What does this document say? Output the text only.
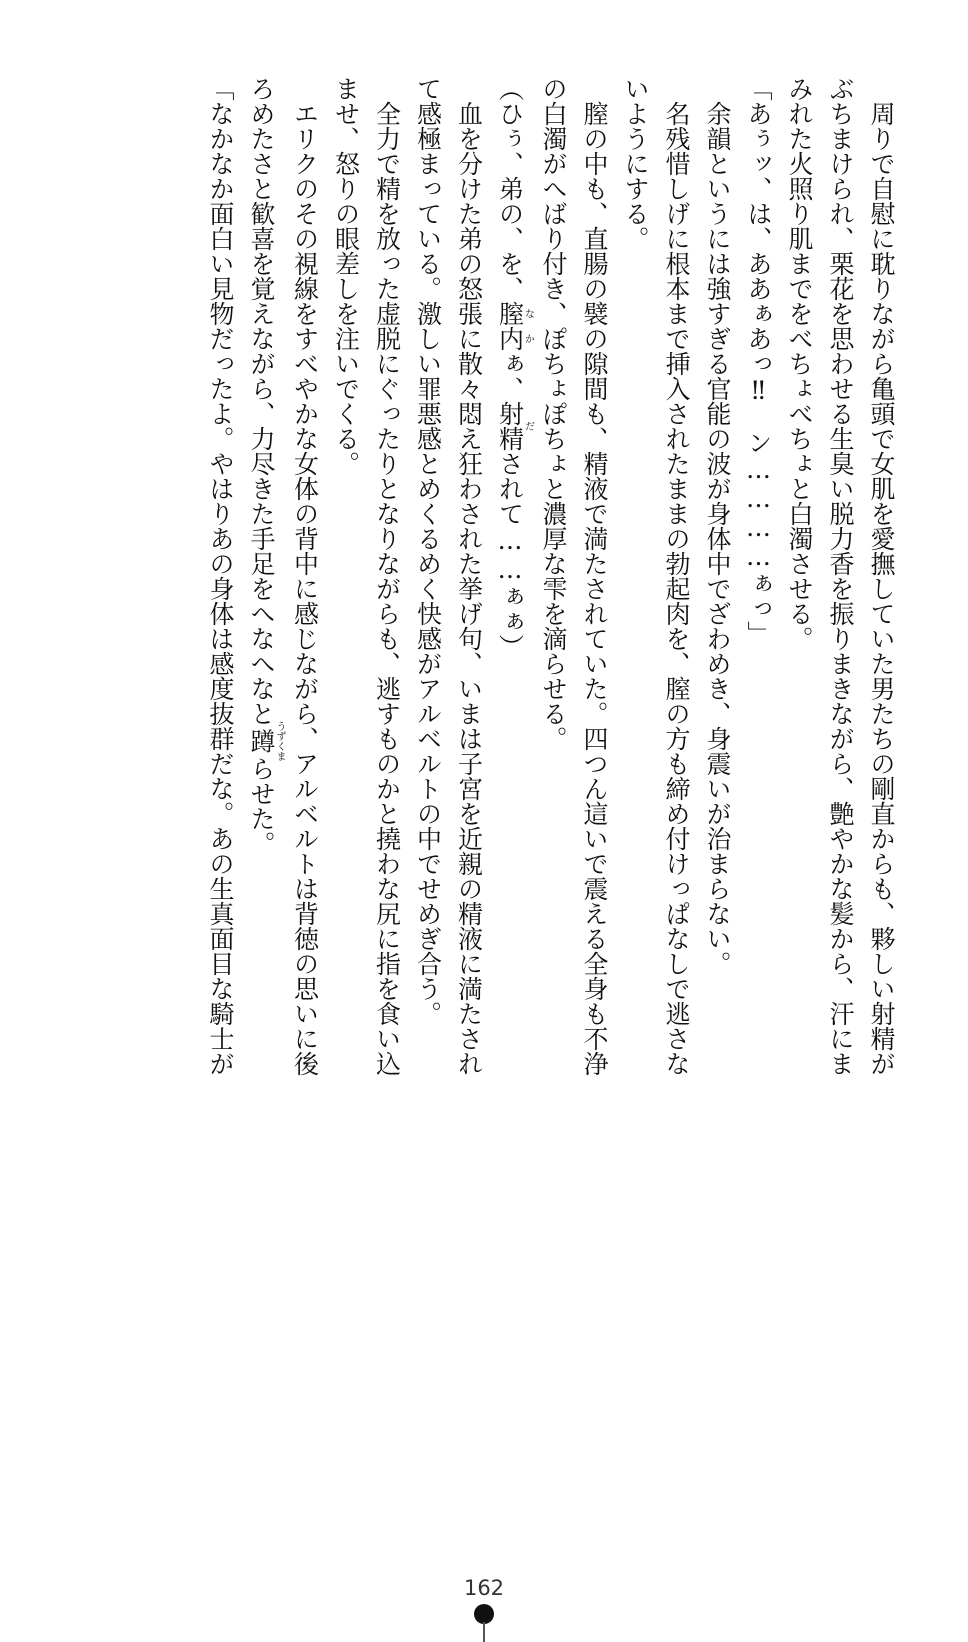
　周りで自慰に耽りながら亀頭で女肌を愛撫していた男たちの剛直からも、夥しい射精が
ぶちまけられ、栗花を思わせる生臭い脱力香を振りまきながら、艶やかな髪から、汗にま
みれた火照り肌までをべちょべちょと白濁させる。
「あぅッ、は、ああぁあっ‼　ン…………ぁっ」
　余韻というには強すぎる官能の波が身体中でざわめき、身震いが治まらない。
　名残惜しげに根本まで挿入されたままの勃起肉を、膣の方も締め付けっぱなしで逃さな
いようにする。
　膣の中も、直腸の襞の隙間も、精液で満たされていた。四つん這いで震える全身も不浄
の白濁がへばり付き、ぽちょぽちょと濃厚な雫を滴らせる。
（ひぅ、弟の、を、膣内なかぁ、射精だされて……ぁぁ）
　血を分けた弟の怒張に散々悶え狂わされた挙げ句、いまは子宮を近親の精液に満たされ
て感極まっている。激しい罪悪感とめくるめく快感がアルベルトの中でせめぎ合う。
　全力で精を放った虚脱にぐったりとなりながらも、逃すものかと撓わな尻に指を食い込
ませ、怒りの眼差しを注いでくる。
　エリクのその視線をすべやかな女体の背中に感じながら、アルベルトは背徳の思いに後
ろめたさと歓喜を覚えながら、力尽きた手足をへなへなと蹲うずくまらせた。
「なかなか面白い見物だったよ。やはりあの身体は感度抜群だな。あの生真面目な騎士が
162
